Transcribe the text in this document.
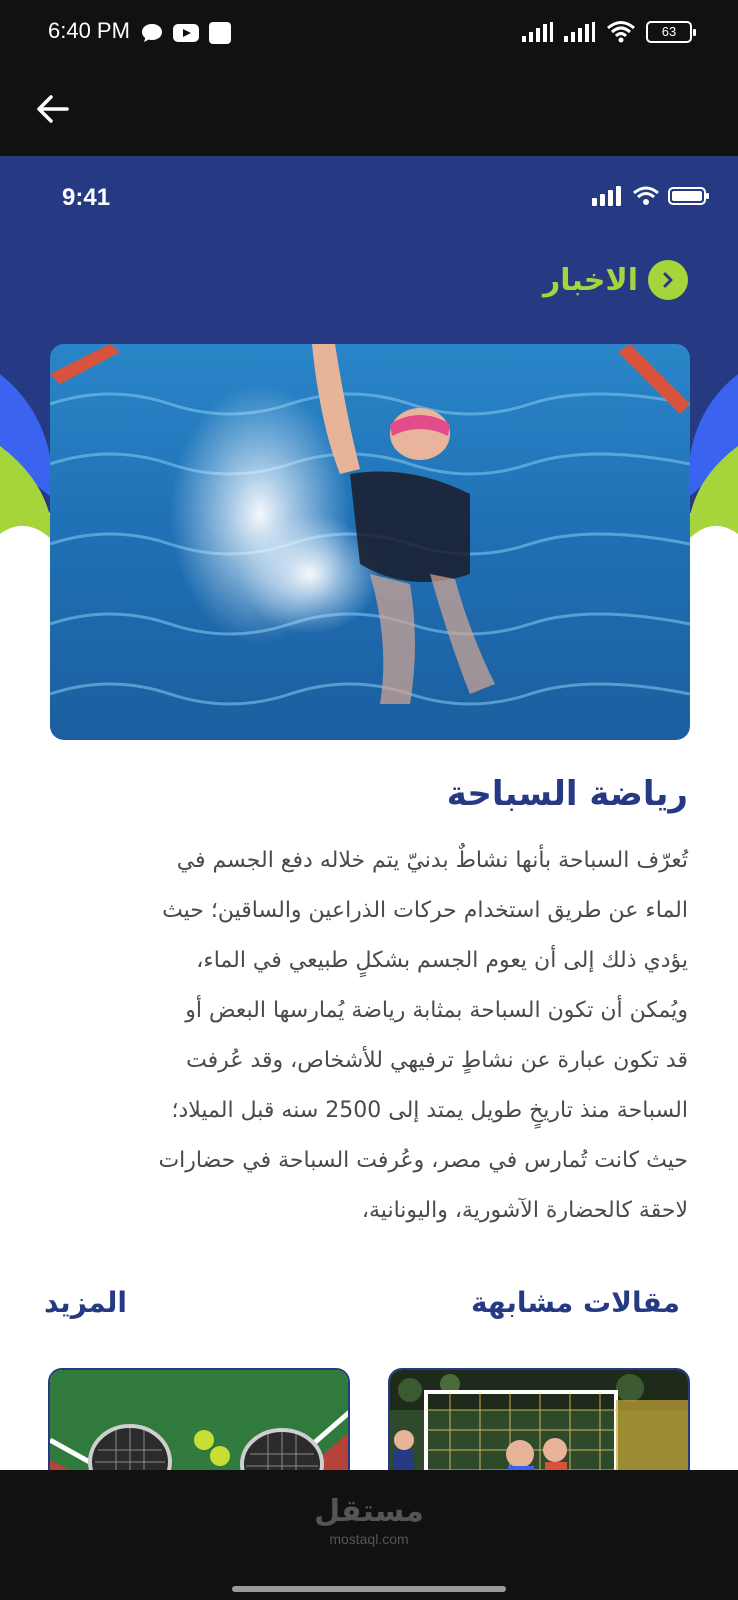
6:40 PM	63
9:41
الاخبار
رياضة السباحة
تُعرّف السباحة بأنها نشاطٌ بدنيّ يتم خلاله دفع الجسم في
الماء عن طريق استخدام حركات الذراعين والساقين؛ حيث
يؤدي ذلك إلى أن يعوم الجسم بشكلٍ طبيعي في الماء،
ويُمكن أن تكون السباحة بمثابة رياضة يُمارسها البعض أو
قد تكون عبارة عن نشاطٍ ترفيهي للأشخاص، وقد عُرفت
السباحة منذ تاريخٍ طويل يمتد إلى 2500 سنه قبل الميلاد؛
حيث كانت تُمارس في مصر، وعُرفت السباحة في حضارات
لاحقة كالحضارة الآشورية، واليونانية،
مقالات مشابهة
المزيد
مستقل
mostaql.com
